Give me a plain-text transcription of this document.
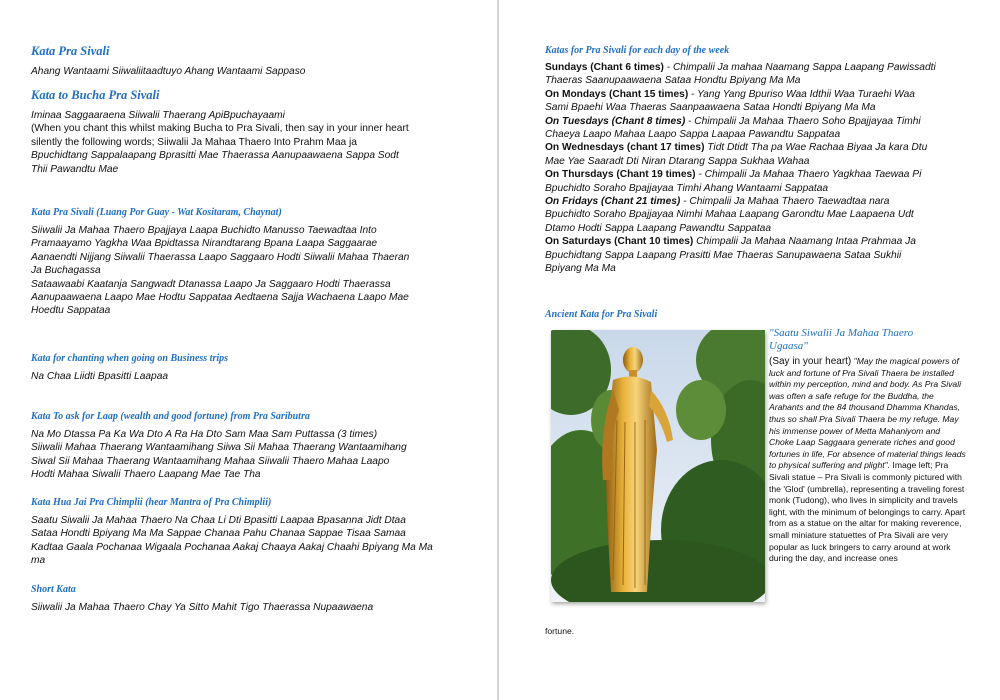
Kata Pra Sivali
Ahang Wantaami Siiwaliitaadtuyo Ahang Wantaami Sappaso
Kata to Bucha Pra Sivali
Iminaa Saggaaraena Siiwalii Thaerang ApiBpuchayaami
(When you chant this whilst making Bucha to Pra Sivali, then say in your inner heart
silently the following words; Siiwalii Ja Mahaa Thaero Into Prahm Maa ja
Bpuchidtang Sappalaapang Bprasitti Mae Thaerassa Aanupaawaena Sappa Sodt
Thii Pawandtu Mae
Kata Pra Sivali (Luang Por Guay - Wat Kositaram, Chaynat)
Siiwalii Ja Mahaa Thaero Bpajjaya Laapa Buchidto Manusso Taewadtaa Into
Pramaayamo Yagkha Waa Bpidtassa Nirandtarang Bpana Laapa Saggaarae
Aanaendti Nijjang Siiwalii Thaerassa Laapo Saggaaro Hodti Siiwalii Mahaa Thaeran
Ja Buchagassa
Sataawaabi Kaatanja Sangwadt Dtanassa Laapo Ja Saggaaro Hodti Thaerassa
Aanupaawaena Laapo Mae Hodtu Sappataa Aedtaena Sajja Wachaena Laapo Mae
Hoedtu Sappataa
Kata for chanting when going on Business trips
Na Chaa Liidti Bpasitti Laapaa
Kata To ask for Laap (wealth and good fortune) from Pra Saributra
Na Mo Dtassa Pa Ka Wa Dto A Ra Ha Dto Sam Maa Sam Puttassa (3 times)
Siiwalii Mahaa Thaerang Wantaamihang Siiwa Sii Mahaa Thaerang Wantaamihang
Siwal Sii Mahaa Thaerang Wantaamihang Mahaa Siiwalii Thaero Mahaa Laapo
Hodti Mahaa Siwalii Thaero Laapang Mae Tae Tha
Kata Hua Jai Pra Chimplii (hear Mantra of Pra Chimplii)
Saatu Siwalii Ja Mahaa Thaero Na Chaa Li Dti Bpasitti Laapaa Bpasanna Jidt Dtaa
Sataa Hondti Bpiyang Ma Ma Sappae Chanaa Pahu Chanaa Sappae Tisaa Samaa
Kadtaa Gaala Pochanaa Wigaala Pochanaa Aakaj Chaaya Aakaj Chaahi Bpiyang Ma Ma
ma
Short Kata
Siiwalii Ja Mahaa Thaero Chay Ya Sitto Mahit Tigo Thaerassa Nupaawaena
Katas for Pra Sivali for each day of the week
Sundays (Chant 6 times) - Chimpalii Ja mahaa Naamang Sappa Laapang Pawissadti
Thaeras Saanupaawaena Sataa Hondtu Bpiyang Ma Ma
On Mondays (Chant 15 times) - Yang Yang Bpuriso Waa Idthii Waa Turaehi Waa
Sami Bpaehi Waa Thaeras Saanpaawaena Sataa Hondti Bpiyang Ma Ma
On Tuesdays (Chant 8 times) - Chimpalii Ja Mahaa Thaero Soho Bpajjayaa Timhi
Chaeya Laapo Mahaa Laapo Sappa Laapaa Pawandtu Sappataa
On Wednesdays (chant 17 times) Tidt Dtidt Tha pa Wae Rachaa Biyaa Ja kara Dtu
Mae Yae Saaradt Dti Niran Dtarang Sappa Sukhaa Wahaa
On Thursdays (Chant 19 times) - Chimpalii Ja Mahaa Thaero Yagkhaa Taewaa Pi
Bpuchidto Soraho Bpajjayaa Timhi Ahang Wantaami Sappataa
On Fridays (Chant 21 times) - Chimpalii Ja Mahaa Thaero Taewadtaa nara
Bpuchidto Soraho Bpajjayaa Nimhi Mahaa Laapang Garondtu Mae Laapaena Udt
Dtamo Hodti Sappa Laapang Pawandtu Sappataa
On Saturdays (Chant 10 times) Chimpalii Ja Mahaa Naamang Intaa Prahmaa Ja
Bpuchidtang Sappa Laapang Prasitti Mae Thaeras Sanupawaena Sataa Sukhii
Bpiyang Ma Ma
Ancient Kata for Pra Sivali

"Saatu Siwalii Ja Mahaa Thaero Ugaasa"

(Say in your heart) "May the magical powers of luck and fortune of Pra Sivali Thaera be installed within my perception, mind and body. As Pra Sivali was often a safe refuge for the Buddha, the Arahants and the 84 thousand Dhamma Khandas, thus so shall Pra Sivali Thaera be my refuge. May his immense power of Metta Mahaniyom and Choke Laap Saggaara generate riches and good fortunes in life, For absence of material things leads to physical suffering and plight". Image left; Pra Sivali statue – Pra Sivali is commonly pictured with the 'Glod' (umbrella), representing a traveling forest monk (Tudong), who lives in simplicity and travels light, with the minimum of belongings to carry. Apart from as a statue on the altar for making reverence, small miniature statuettes of Pra Sivali are very popular as luck bringers to carry around at work during the day, and increase ones

fortune.
